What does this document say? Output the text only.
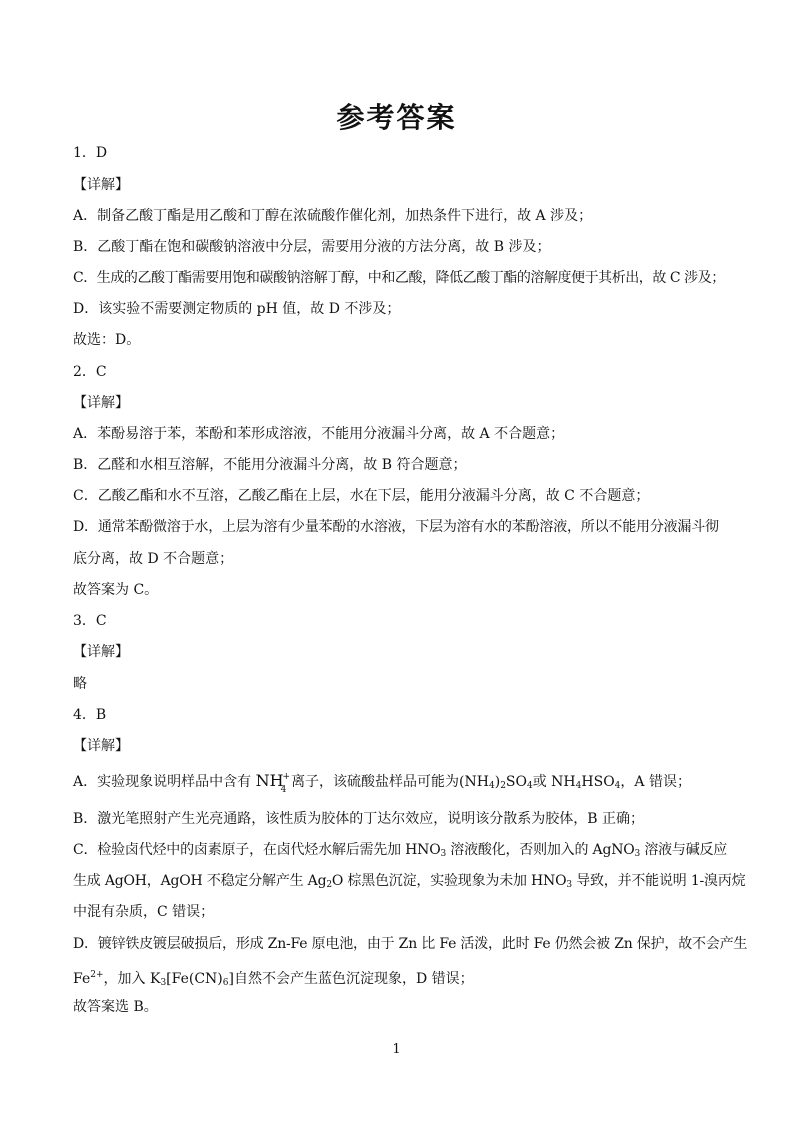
参考答案
1．D
【详解】
A．制备乙酸丁酯是用乙酸和丁醇在浓硫酸作催化剂，加热条件下进行，故 A 涉及；
B．乙酸丁酯在饱和碳酸钠溶液中分层，需要用分液的方法分离，故 B 涉及；
C．生成的乙酸丁酯需要用饱和碳酸钠溶解丁醇，中和乙酸，降低乙酸丁酯的溶解度便于其析出，故 C 涉及；
D．该实验不需要测定物质的 pH 值，故 D 不涉及；
故选：D。
2．C
【详解】
A．苯酚易溶于苯，苯酚和苯形成溶液，不能用分液漏斗分离，故 A 不合题意；
B．乙醛和水相互溶解，不能用分液漏斗分离，故 B 符合题意；
C．乙酸乙酯和水不互溶，乙酸乙酯在上层，水在下层，能用分液漏斗分离，故 C 不合题意；
D．通常苯酚微溶于水，上层为溶有少量苯酚的水溶液，下层为溶有水的苯酚溶液，所以不能用分液漏斗彻
底分离，故 D 不合题意；
故答案为 C。
3．C
【详解】
略
4．B
【详解】
A．实验现象说明样品中含有 NH+
4 离子，该硫酸盐样品可能为$(NH_4)_2SO_4$或 $NH_4HSO_4$，A 错误；
B．激光笔照射产生光亮通路，该性质为胶体的丁达尔效应，说明该分散系为胶体，B 正确；
C．检验卤代烃中的卤素原子，在卤代烃水解后需先加 $HNO_3$ 溶液酸化，否则加入的 AgNO$_3$ 溶液与碱反应
生成 AgOH，AgOH 不稳定分解产生 $Ag_2O$ 棕黑色沉淀，实验现象为未加 $HNO_3$ 导致，并不能说明 1-溴丙烷
中混有杂质，C 错误；
D．镀锌铁皮镀层破损后，形成 Zn-Fe 原电池，由于 Zn 比 Fe 活泼，此时 Fe 仍然会被 Zn 保护，故不会产生
$Fe^{2+}$，加入 $K_3[Fe(CN)_6]$自然不会产生蓝色沉淀现象，D 错误；
故答案选 B。
1
